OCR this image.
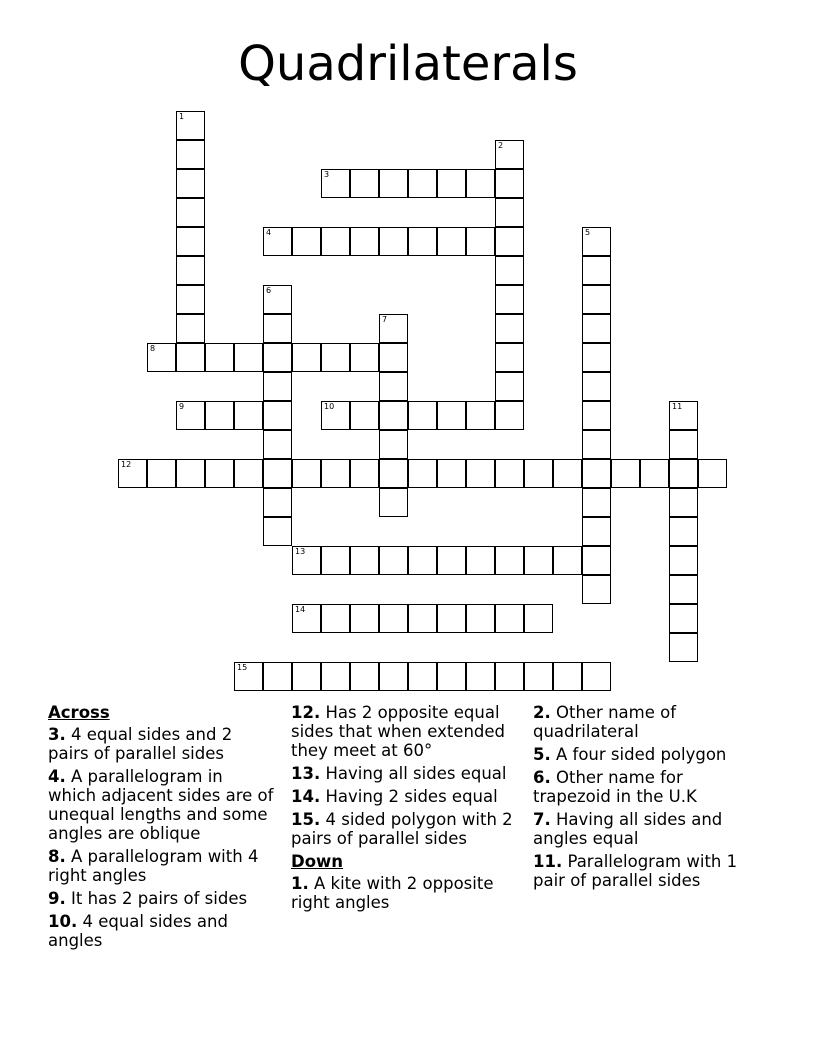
Quadrilaterals
1
2
3
4	5
6
7
8
9	10	11
12
13
14
15
Across
3. 4 equal sides and 2 pairs of parallel sides
4. A parallelogram in which adjacent sides are of unequal lengths and some angles are oblique
8. A parallelogram with 4 right angles
9. It has 2 pairs of sides
10. 4 equal sides and angles
12. Has 2 opposite equal sides that when extended they meet at 60°
13. Having all sides equal
14. Having 2 sides equal
15. 4 sided polygon with 2 pairs of parallel sides
Down
1. A kite with 2 opposite right angles
2. Other name of quadrilateral
5. A four sided polygon
6. Other name for trapezoid in the U.K
7. Having all sides and angles equal
11. Parallelogram with 1 pair of parallel sides
